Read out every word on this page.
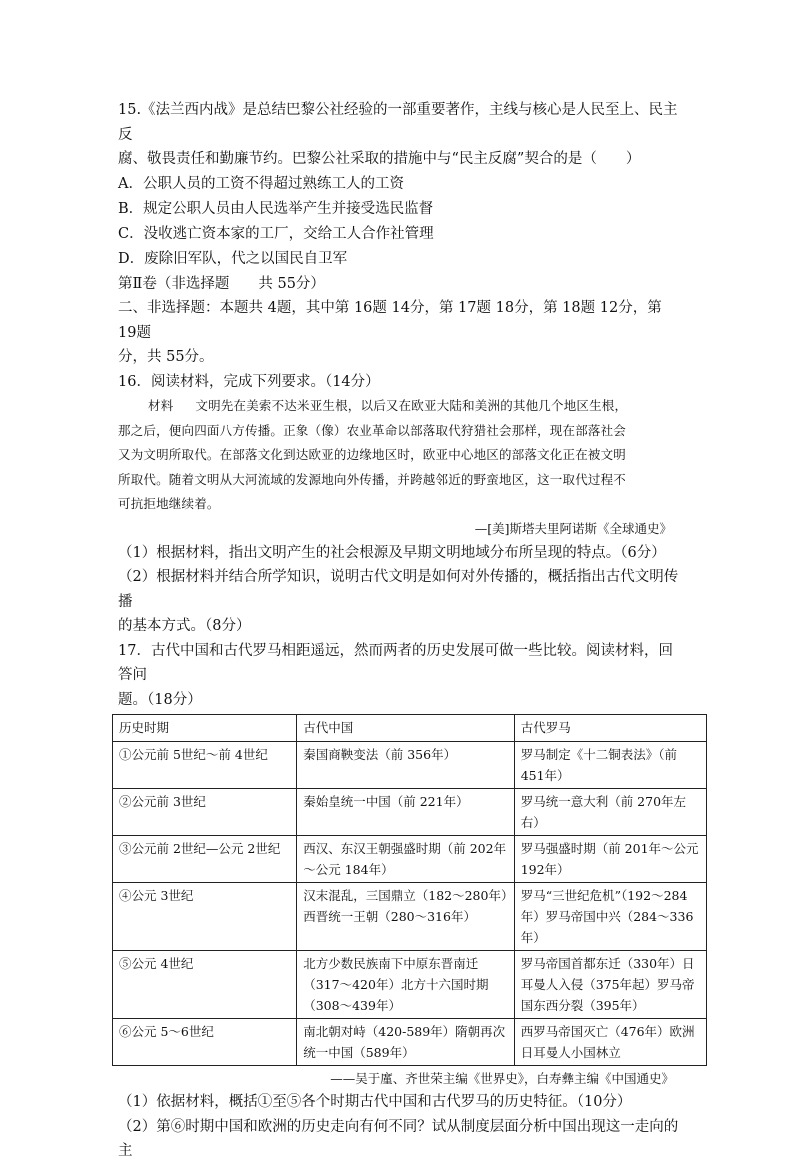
15.《法兰西内战》是总结巴黎公社经验的一部重要著作，主线与核心是人民至上、民主反

腐、敬畏责任和勤廉节约。巴黎公社采取的措施中与“民主反腐”契合的是（　　）

A．公职人员的工资不得超过熟练工人的工资

B．规定公职人员由人民选举产生并接受选民监督

C．没收逃亡资本家的工厂，交给工人合作社管理

D．废除旧军队，代之以国民自卫军

第Ⅱ卷（非选择题　　共 55分）

二、非选择题：本题共 4题，其中第 16题 14分，第 17题 18分，第 18题 12分，第 19题

分，共 55分。

16．阅读材料，完成下列要求。（14分）

材料 文明先在美索不达米亚生根，以后又在欧亚大陆和美洲的其他几个地区生根，

那之后，便向四面八方传播。正象（像）农业革命以部落取代狩猎社会那样，现在部落社会

又为文明所取代。在部落文化到达欧亚的边缘地区时，欧亚中心地区的部落文化正在被文明

所取代。随着文明从大河流域的发源地向外传播，并跨越邻近的野蛮地区，这一取代过程不

可抗拒地继续着。

—[美]斯塔夫里阿诺斯《全球通史》

（1）根据材料，指出文明产生的社会根源及早期文明地域分布所呈现的特点。（6分）

（2）根据材料并结合所学知识，说明古代文明是如何对外传播的，概括指出古代文明传播

的基本方式。（8分）

17．古代中国和古代罗马相距遥远，然而两者的历史发展可做一些比较。阅读材料，回答问

题。（18分）

历史时期	古代中国	古代罗马
①公元前 5世纪～前 4世纪	秦国商鞅变法（前 356年）	罗马制定《十二铜表法》（前 451年）
②公元前 3世纪	秦始皇统一中国（前 221年）	罗马统一意大利（前 270年左右）
③公元前 2世纪—公元 2世纪	西汉、东汉王朝强盛时期（前 202年～公元 184年）	罗马强盛时期（前 201年～公元 192年）
④公元 3世纪	汉末混乱，三国鼎立（182～280年）西晋统一王朝（280～316年）	罗马“三世纪危机”（192～284年）罗马帝国中兴（284～336年）
⑤公元 4世纪	北方少数民族南下中原东晋南迁（317～420年）北方十六国时期（308～439年）	罗马帝国首都东迁（330年）日耳曼人入侵（375年起）罗马帝国东西分裂（395年）
⑥公元 5～6世纪	南北朝对峙（420-589年）隋朝再次统一中国（589年）	西罗马帝国灭亡（476年）欧洲日耳曼人小国林立

——吴于廑、齐世荣主编《世界史》，白寿彝主编《中国通史》

（1）依据材料，概括①至⑤各个时期古代中国和古代罗马的历史特征。（10分）

（2）第⑥时期中国和欧洲的历史走向有何不同？试从制度层面分析中国出现这一走向的主
